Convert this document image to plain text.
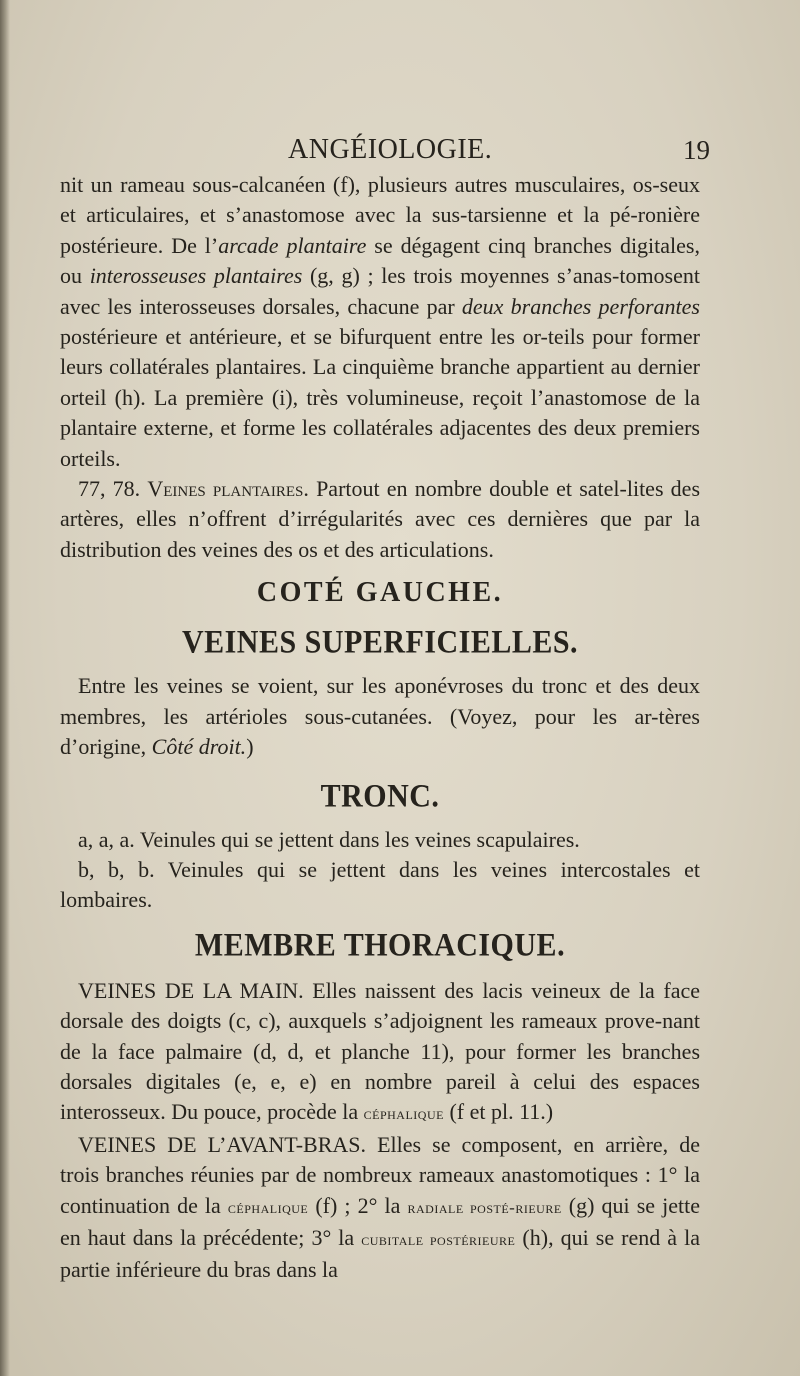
ANGÉIOLOGIE.	19

nit un rameau sous-calcanéen (f), plusieurs autres musculaires, os-seux et articulaires, et s’anastomose avec la sus-tarsienne et la pé-ronière postérieure. De l’arcade plantaire se dégagent cinq branches digitales, ou interosseuses plantaires (g, g) ; les trois moyennes s’anas-tomosent avec les interosseuses dorsales, chacune par deux branches perforantes postérieure et antérieure, et se bifurquent entre les or-teils pour former leurs collatérales plantaires. La cinquième branche appartient au dernier orteil (h). La première (i), très volumineuse, reçoit l’anastomose de la plantaire externe, et forme les collatérales adjacentes des deux premiers orteils.

77, 78. Veines plantaires. Partout en nombre double et satel-lites des artères, elles n’offrent d’irrégularités avec ces dernières que par la distribution des veines des os et des articulations.

COTÉ GAUCHE.
VEINES SUPERFICIELLES.

Entre les veines se voient, sur les aponévroses du tronc et des deux membres, les artérioles sous-cutanées. (Voyez, pour les ar-tères d’origine, Côté droit.)

TRONC.

a, a, a. Veinules qui se jettent dans les veines scapulaires.

b, b, b. Veinules qui se jettent dans les veines intercostales et lombaires.

MEMBRE THORACIQUE.

VEINES DE LA MAIN. Elles naissent des lacis veineux de la face dorsale des doigts (c, c), auxquels s’adjoignent les rameaux prove-nant de la face palmaire (d, d, et planche 11), pour former les branches dorsales digitales (e, e, e) en nombre pareil à celui des espaces interosseux. Du pouce, procède la céphalique (f et pl. 11.)

VEINES DE L’AVANT-BRAS. Elles se composent, en arrière, de trois branches réunies par de nombreux rameaux anastomotiques : 1° la continuation de la céphalique (f) ; 2° la radiale posté-rieure (g) qui se jette en haut dans la précédente; 3° la cubitale postérieure (h), qui se rend à la partie inférieure du bras dans la
